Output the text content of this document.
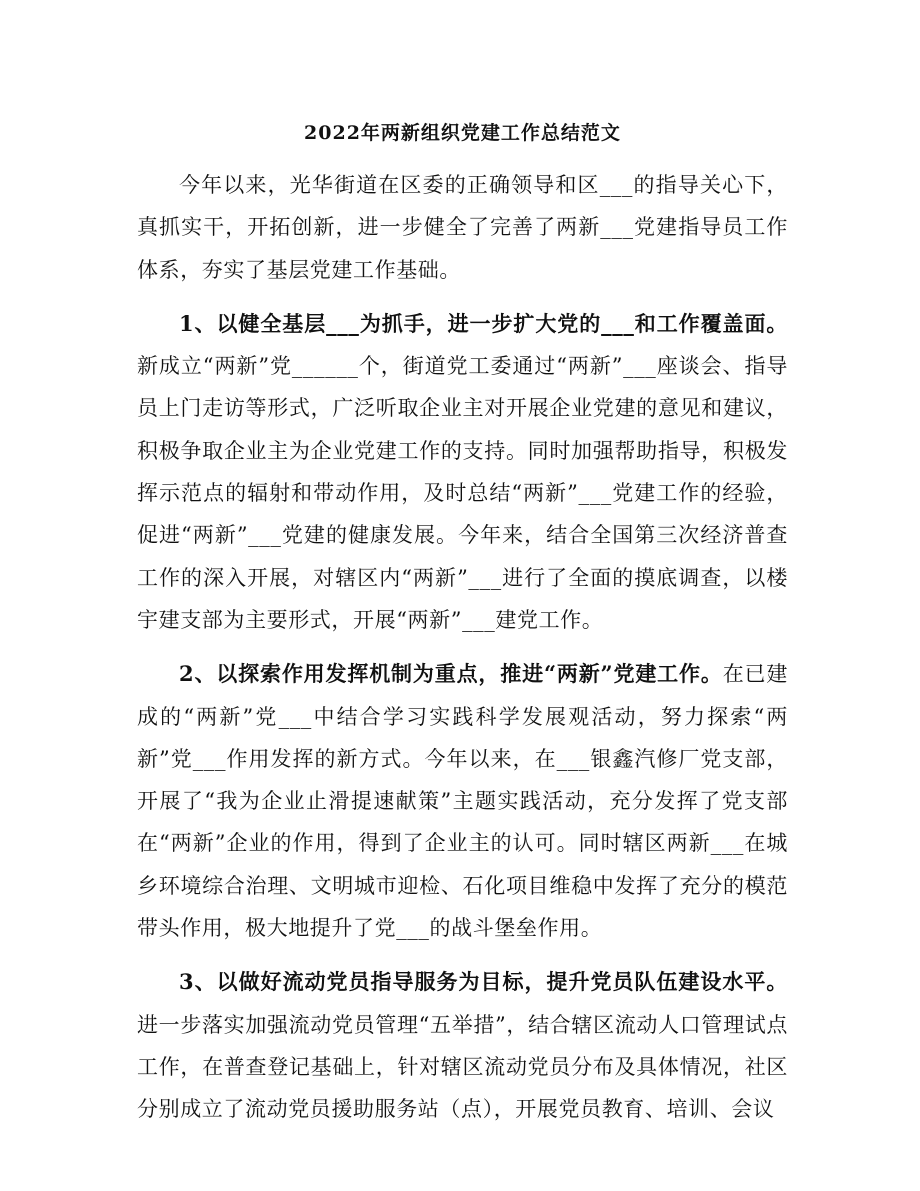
2022年两新组织党建工作总结范文

今年以来，光华街道在区委的正确领导和区___的指导关心下，真抓实干，开拓创新，进一步健全了完善了两新___党建指导员工作体系，夯实了基层党建工作基础。

1、以健全基层___为抓手，进一步扩大党的___和工作覆盖面。新成立“两新”党______个，街道党工委通过“两新”___座谈会、指导员上门走访等形式，广泛听取企业主对开展企业党建的意见和建议，积极争取企业主为企业党建工作的支持。同时加强帮助指导，积极发挥示范点的辐射和带动作用，及时总结“两新”___党建工作的经验，促进“两新”___党建的健康发展。今年来，结合全国第三次经济普查工作的深入开展，对辖区内“两新”___进行了全面的摸底调查，以楼宇建支部为主要形式，开展“两新”___建党工作。

2、以探索作用发挥机制为重点，推进“两新”党建工作。在已建成的“两新”党___中结合学习实践科学发展观活动，努力探索“两新”党___作用发挥的新方式。今年以来，在___银鑫汽修厂党支部，开展了“我为企业止滑提速献策”主题实践活动，充分发挥了党支部在“两新”企业的作用，得到了企业主的认可。同时辖区两新___在城乡环境综合治理、文明城市迎检、石化项目维稳中发挥了充分的模范带头作用，极大地提升了党___的战斗堡垒作用。

3、以做好流动党员指导服务为目标，提升党员队伍建设水平。进一步落实加强流动党员管理“五举措”，结合辖区流动人口管理试点工作，在普查登记基础上，针对辖区流动党员分布及具体情况，社区分别成立了流动党员援助服务站（点），开展党员教育、培训、会议
